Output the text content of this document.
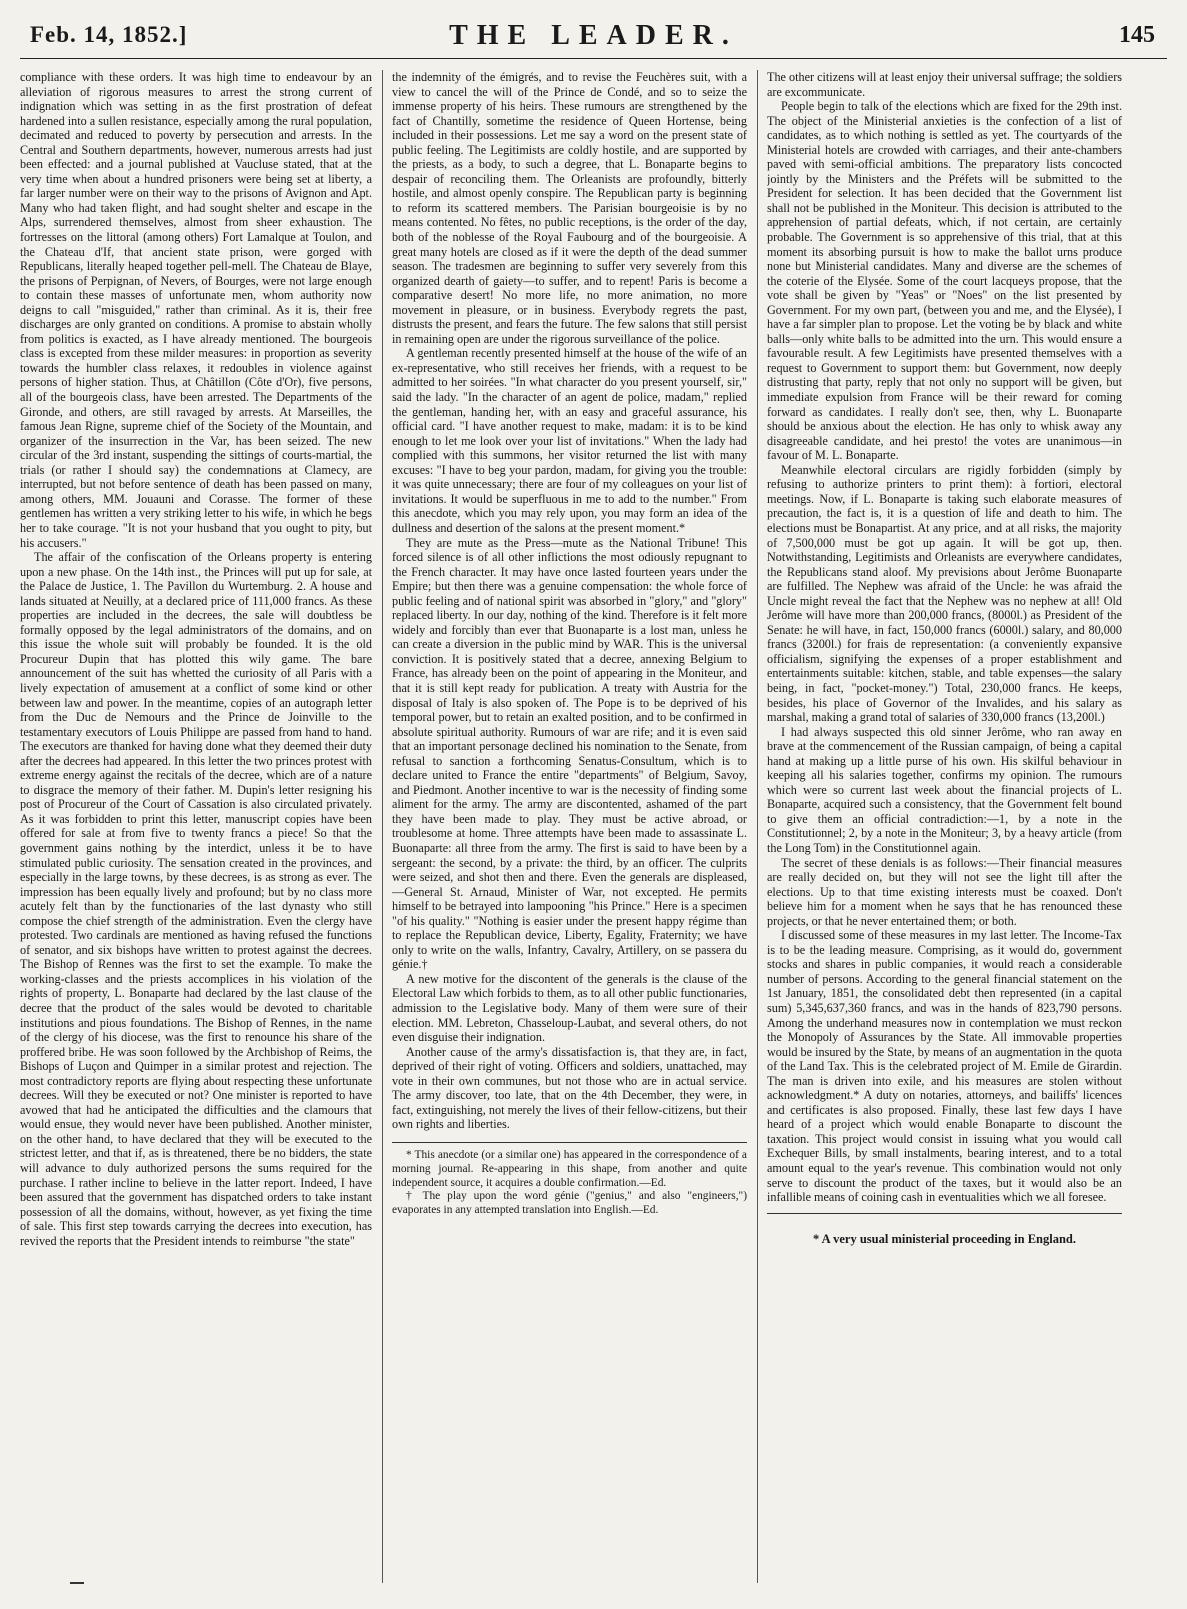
Feb. 14, 1852.]	THE LEADER.	145

compliance with these orders. It was high time to endeavour by an alleviation of rigorous measures to arrest the strong current of indignation which was setting in as the first prostration of defeat hardened into a sullen resistance, especially among the rural population, decimated and reduced to poverty by persecution and arrests. In the Central and Southern departments, however, numerous arrests had just been effected: and a journal published at Vaucluse stated, that at the very time when about a hundred prisoners were being set at liberty, a far larger number were on their way to the prisons of Avignon and Apt. Many who had taken flight, and had sought shelter and escape in the Alps, surrendered themselves, almost from sheer exhaustion. The fortresses on the littoral (among others) Fort Lamalque at Toulon, and the Chateau d'If, that ancient state prison, were gorged with Republicans, literally heaped together pell-mell. The Chateau de Blaye, the prisons of Perpignan, of Nevers, of Bourges, were not large enough to contain these masses of unfortunate men, whom authority now deigns to call "misguided," rather than criminal. As it is, their free discharges are only granted on conditions. A promise to abstain wholly from politics is exacted, as I have already mentioned. The bourgeois class is excepted from these milder measures: in proportion as severity towards the humbler class relaxes, it redoubles in violence against persons of higher station. Thus, at Châtillon (Côte d'Or), five persons, all of the bourgeois class, have been arrested. The Departments of the Gironde, and others, are still ravaged by arrests. At Marseilles, the famous Jean Rigne, supreme chief of the Society of the Mountain, and organizer of the insurrection in the Var, has been seized. The new circular of the 3rd instant, suspending the sittings of courts-martial, the trials (or rather I should say) the condemnations at Clamecy, are interrupted, but not before sentence of death has been passed on many, among others, MM. Jouauni and Corasse. The former of these gentlemen has written a very striking letter to his wife, in which he begs her to take courage. "It is not your husband that you ought to pity, but his accusers."

The affair of the confiscation of the Orleans property is entering upon a new phase. On the 14th inst., the Princes will put up for sale, at the Palace de Justice, 1. The Pavillon du Wurtemburg. 2. A house and lands situated at Neuilly, at a declared price of 111,000 francs. As these properties are included in the decrees, the sale will doubtless be formally opposed by the legal administrators of the domains, and on this issue the whole suit will probably be founded. It is the old Procureur Dupin that has plotted this wily game. The bare announcement of the suit has whetted the curiosity of all Paris with a lively expectation of amusement at a conflict of some kind or other between law and power. In the meantime, copies of an autograph letter from the Duc de Nemours and the Prince de Joinville to the testamentary executors of Louis Philippe are passed from hand to hand. The executors are thanked for having done what they deemed their duty after the decrees had appeared. In this letter the two princes protest with extreme energy against the recitals of the decree, which are of a nature to disgrace the memory of their father. M. Dupin's letter resigning his post of Procureur of the Court of Cassation is also circulated privately. As it was forbidden to print this letter, manuscript copies have been offered for sale at from five to twenty francs a piece! So that the government gains nothing by the interdict, unless it be to have stimulated public curiosity. The sensation created in the provinces, and especially in the large towns, by these decrees, is as strong as ever. The impression has been equally lively and profound; but by no class more acutely felt than by the functionaries of the last dynasty who still compose the chief strength of the administration. Even the clergy have protested. Two cardinals are mentioned as having refused the functions of senator, and six bishops have written to protest against the decrees. The Bishop of Rennes was the first to set the example. To make the working-classes and the priests accomplices in his violation of the rights of property, L. Bonaparte had declared by the last clause of the decree that the product of the sales would be devoted to charitable institutions and pious foundations. The Bishop of Rennes, in the name of the clergy of his diocese, was the first to renounce his share of the proffered bribe. He was soon followed by the Archbishop of Reims, the Bishops of Luçon and Quimper in a similar protest and rejection. The most contradictory reports are flying about respecting these unfortunate decrees. Will they be executed or not? One minister is reported to have avowed that had he anticipated the difficulties and the clamours that would ensue, they would never have been published. Another minister, on the other hand, to have declared that they will be executed to the strictest letter, and that if, as is threatened, there be no bidders, the state will advance to duly authorized persons the sums required for the purchase. I rather incline to believe in the latter report. Indeed, I have been assured that the government has dispatched orders to take instant possession of all the domains, without, however, as yet fixing the time of sale. This first step towards carrying the decrees into execution, has revived the reports that the President intends to reimburse "the state"

the indemnity of the émigrés, and to revise the Feuchères suit, with a view to cancel the will of the Prince de Condé, and so to seize the immense property of his heirs. These rumours are strengthened by the fact of Chantilly, sometime the residence of Queen Hortense, being included in their possessions. Let me say a word on the present state of public feeling. The Legitimists are coldly hostile, and are supported by the priests, as a body, to such a degree, that L. Bonaparte begins to despair of reconciling them. The Orleanists are profoundly, bitterly hostile, and almost openly conspire. The Republican party is beginning to reform its scattered members. The Parisian bourgeoisie is by no means contented. No fêtes, no public receptions, is the order of the day, both of the noblesse of the Royal Faubourg and of the bourgeoisie. A great many hotels are closed as if it were the depth of the dead summer season. The tradesmen are beginning to suffer very severely from this organized dearth of gaiety—to suffer, and to repent! Paris is become a comparative desert! No more life, no more animation, no more movement in pleasure, or in business. Everybody regrets the past, distrusts the present, and fears the future. The few salons that still persist in remaining open are under the rigorous surveillance of the police.

A gentleman recently presented himself at the house of the wife of an ex-representative, who still receives her friends, with a request to be admitted to her soirées. "In what character do you present yourself, sir," said the lady. "In the character of an agent de police, madam," replied the gentleman, handing her, with an easy and graceful assurance, his official card. "I have another request to make, madam: it is to be kind enough to let me look over your list of invitations." When the lady had complied with this summons, her visitor returned the list with many excuses: "I have to beg your pardon, madam, for giving you the trouble: it was quite unnecessary; there are four of my colleagues on your list of invitations. It would be superfluous in me to add to the number." From this anecdote, which you may rely upon, you may form an idea of the dullness and desertion of the salons at the present moment.*

They are mute as the Press—mute as the National Tribune! This forced silence is of all other inflictions the most odiously repugnant to the French character. It may have once lasted fourteen years under the Empire; but then there was a genuine compensation: the whole force of public feeling and of national spirit was absorbed in "glory," and "glory" replaced liberty. In our day, nothing of the kind. Therefore is it felt more widely and forcibly than ever that Buonaparte is a lost man, unless he can create a diversion in the public mind by WAR. This is the universal conviction. It is positively stated that a decree, annexing Belgium to France, has already been on the point of appearing in the Moniteur, and that it is still kept ready for publication. A treaty with Austria for the disposal of Italy is also spoken of. The Pope is to be deprived of his temporal power, but to retain an exalted position, and to be confirmed in absolute spiritual authority. Rumours of war are rife; and it is even said that an important personage declined his nomination to the Senate, from refusal to sanction a forthcoming Senatus-Consultum, which is to declare united to France the entire "departments" of Belgium, Savoy, and Piedmont. Another incentive to war is the necessity of finding some aliment for the army. The army are discontented, ashamed of the part they have been made to play. They must be active abroad, or troublesome at home. Three attempts have been made to assassinate L. Buonaparte: all three from the army. The first is said to have been by a sergeant: the second, by a private: the third, by an officer. The culprits were seized, and shot then and there. Even the generals are displeased,—General St. Arnaud, Minister of War, not excepted. He permits himself to be betrayed into lampooning "his Prince." Here is a specimen "of his quality." "Nothing is easier under the present happy régime than to replace the Republican device, Liberty, Egality, Fraternity; we have only to write on the walls, Infantry, Cavalry, Artillery, on se passera du génie.†

A new motive for the discontent of the generals is the clause of the Electoral Law which forbids to them, as to all other public functionaries, admission to the Legislative body. Many of them were sure of their election. MM. Lebreton, Chasseloup-Laubat, and several others, do not even disguise their indignation.

Another cause of the army's dissatisfaction is, that they are, in fact, deprived of their right of voting. Officers and soldiers, unattached, may vote in their own communes, but not those who are in actual service. The army discover, too late, that on the 4th December, they were, in fact, extinguishing, not merely the lives of their fellow-citizens, but their own rights and liberties.

* This anecdote (or a similar one) has appeared in the correspondence of a morning journal. Re-appearing in this shape, from another and quite independent source, it acquires a double confirmation.—Ed.

† The play upon the word génie ("genius," and also "engineers,") evaporates in any attempted translation into English.—Ed.

The other citizens will at least enjoy their universal suffrage; the soldiers are excommunicate.

People begin to talk of the elections which are fixed for the 29th inst. The object of the Ministerial anxieties is the confection of a list of candidates, as to which nothing is settled as yet. The courtyards of the Ministerial hotels are crowded with carriages, and their ante-chambers paved with semi-official ambitions. The preparatory lists concocted jointly by the Ministers and the Préfets will be submitted to the President for selection. It has been decided that the Government list shall not be published in the Moniteur. This decision is attributed to the apprehension of partial defeats, which, if not certain, are certainly probable. The Government is so apprehensive of this trial, that at this moment its absorbing pursuit is how to make the ballot urns produce none but Ministerial candidates. Many and diverse are the schemes of the coterie of the Elysée. Some of the court lacqueys propose, that the vote shall be given by "Yeas" or "Noes" on the list presented by Government. For my own part, (between you and me, and the Elysée), I have a far simpler plan to propose. Let the voting be by black and white balls—only white balls to be admitted into the urn. This would ensure a favourable result. A few Legitimists have presented themselves with a request to Government to support them: but Government, now deeply distrusting that party, reply that not only no support will be given, but immediate expulsion from France will be their reward for coming forward as candidates. I really don't see, then, why L. Buonaparte should be anxious about the election. He has only to whisk away any disagreeable candidate, and hei presto! the votes are unanimous—in favour of M. L. Bonaparte.

Meanwhile electoral circulars are rigidly forbidden (simply by refusing to authorize printers to print them): à fortiori, electoral meetings. Now, if L. Bonaparte is taking such elaborate measures of precaution, the fact is, it is a question of life and death to him. The elections must be Bonapartist. At any price, and at all risks, the majority of 7,500,000 must be got up again. It will be got up, then. Notwithstanding, Legitimists and Orleanists are everywhere candidates, the Republicans stand aloof. My previsions about Jerôme Buonaparte are fulfilled. The Nephew was afraid of the Uncle: he was afraid the Uncle might reveal the fact that the Nephew was no nephew at all! Old Jerôme will have more than 200,000 francs, (8000l.) as President of the Senate: he will have, in fact, 150,000 francs (6000l.) salary, and 80,000 francs (3200l.) for frais de representation: (a conveniently expansive officialism, signifying the expenses of a proper establishment and entertainments suitable: kitchen, stable, and table expenses—the salary being, in fact, "pocket-money.") Total, 230,000 francs. He keeps, besides, his place of Governor of the Invalides, and his salary as marshal, making a grand total of salaries of 330,000 francs (13,200l.)

I had always suspected this old sinner Jerôme, who ran away en brave at the commencement of the Russian campaign, of being a capital hand at making up a little purse of his own. His skilful behaviour in keeping all his salaries together, confirms my opinion. The rumours which were so current last week about the financial projects of L. Bonaparte, acquired such a consistency, that the Government felt bound to give them an official contradiction:—1, by a note in the Constitutionnel; 2, by a note in the Moniteur; 3, by a heavy article (from the Long Tom) in the Constitutionnel again.

The secret of these denials is as follows:—Their financial measures are really decided on, but they will not see the light till after the elections. Up to that time existing interests must be coaxed. Don't believe him for a moment when he says that he has renounced these projects, or that he never entertained them; or both.

I discussed some of these measures in my last letter. The Income-Tax is to be the leading measure. Comprising, as it would do, government stocks and shares in public companies, it would reach a considerable number of persons. According to the general financial statement on the 1st January, 1851, the consolidated debt then represented (in a capital sum) 5,345,637,360 francs, and was in the hands of 823,790 persons. Among the underhand measures now in contemplation we must reckon the Monopoly of Assurances by the State. All immovable properties would be insured by the State, by means of an augmentation in the quota of the Land Tax. This is the celebrated project of M. Emile de Girardin. The man is driven into exile, and his measures are stolen without acknowledgment.* A duty on notaries, attorneys, and bailiffs' licences and certificates is also proposed. Finally, these last few days I have heard of a project which would enable Bonaparte to discount the taxation. This project would consist in issuing what you would call Exchequer Bills, by small instalments, bearing interest, and to a total amount equal to the year's revenue. This combination would not only serve to discount the product of the taxes, but it would also be an infallible means of coining cash in eventualities which we all foresee.

* A very usual ministerial proceeding in England.
